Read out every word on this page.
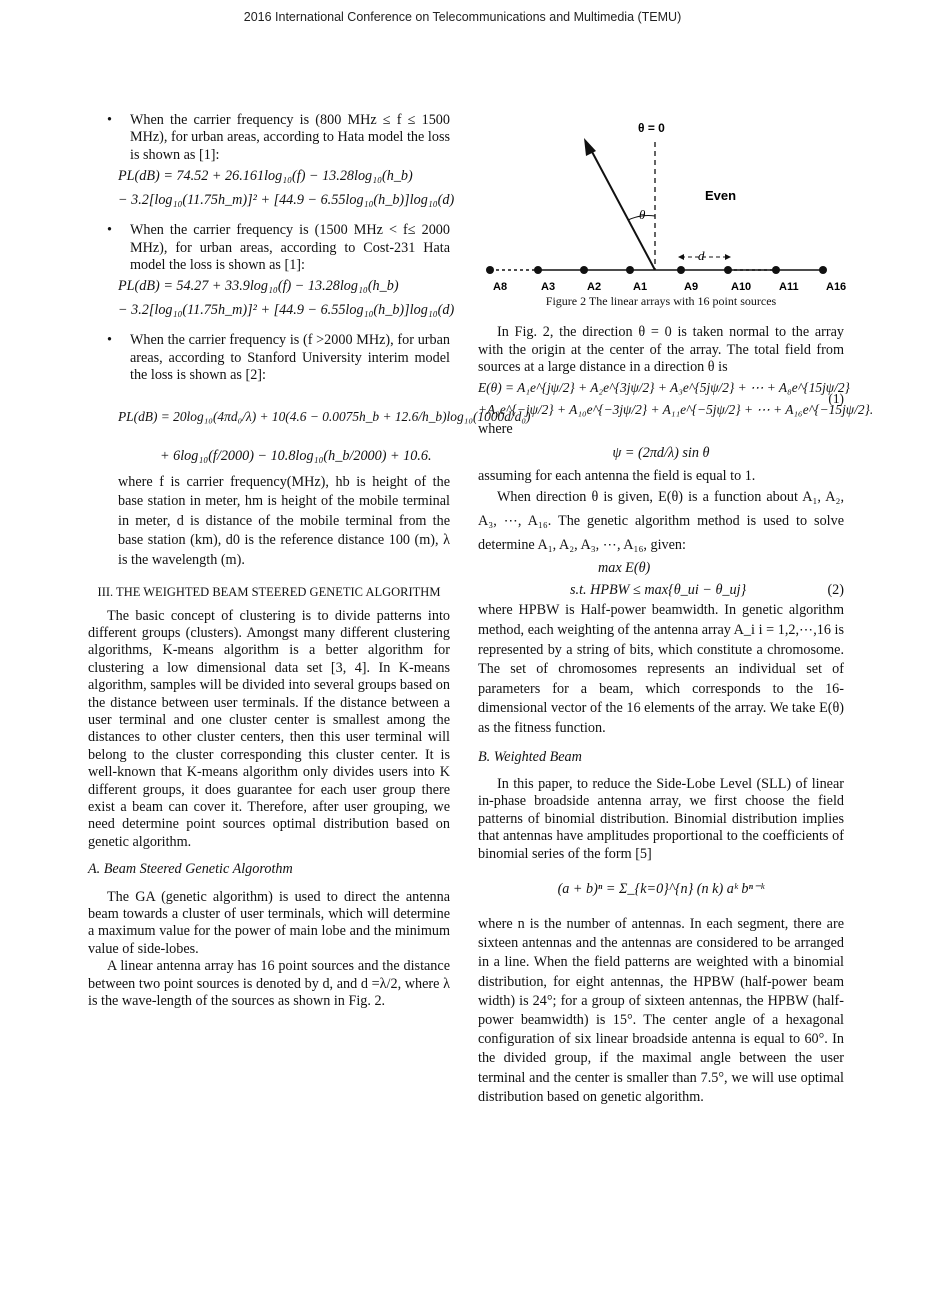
2016 International Conference on Telecommunications and Multimedia (TEMU)
• When the carrier frequency is (800 MHz ≤ f ≤ 1500 MHz), for urban areas, according to Hata model the loss is shown as [1]:
PL(dB) = 74.52 + 26.161log₁₀(f) − 13.28log₁₀(h_b)
− 3.2[log₁₀(11.75h_m)]² + [44.9 − 6.55log₁₀(h_b)]log₁₀(d)
• When the carrier frequency is (1500 MHz < f≤ 2000 MHz), for urban areas, according to Cost-231 Hata model the loss is shown as [1]:
PL(dB) = 54.27 + 33.9log₁₀(f) − 13.28log₁₀(h_b)
− 3.2[log₁₀(11.75h_m)]² + [44.9 − 6.55log₁₀(h_b)]log₁₀(d)
• When the carrier frequency is (f >2000 MHz), for urban areas, according to Stanford University interim model the loss is shown as [2]:
PL(dB) = 20log₁₀(4πd₀/λ) + 10(4.6 − 0.0075h_b + 12.6/h_b)log₁₀(1000d/d₀)
+ 6log₁₀(f/2000) − 10.8log₁₀(h_b/2000) + 10.6.

where f is carrier frequency(MHz), hb is height of the base station in meter, hm is height of the mobile terminal in meter, d is distance of the mobile terminal from the base station (km), d0 is the reference distance 100 (m), λ is the wavelength (m).

III. THE WEIGHTED BEAM STEERED GENETIC ALGORITHM

The basic concept of clustering is to divide patterns into different groups (clusters). Amongst many different clustering algorithms, K-means algorithm is a better algorithm for clustering a low dimensional data set [3, 4]. In K-means algorithm, samples will be divided into several groups based on the distance between user terminals. If the distance between a user terminal and one cluster center is smallest among the distances to other cluster centers, then this user terminal will belong to the cluster corresponding this cluster center. It is well-known that K-means algorithm only divides users into K different groups, it does guarantee for each user group there exist a beam can cover it. Therefore, after user grouping, we need determine point sources optimal distribution based on genetic algorithm.

A. Beam Steered Genetic Algorothm

The GA (genetic algorithm) is used to direct the antenna beam towards a cluster of user terminals, which will determine a maximum value for the power of main lobe and the minimum value of side-lobes.

A linear antenna array has 16 point sources and the distance between two point sources is denoted by d, and d =λ/2, where λ is the wave-length of the sources as shown in Fig. 2.

θ = 0
θ
Even
d
A8	A3	A2	A1	A9	A10	A11 A16

Figure 2 The linear arrays with 16 point sources

In Fig. 2, the direction θ = 0 is taken normal to the array with the origin at the center of the array. The total field from sources at a large distance in a direction θ is

(1)
E(θ) = A₁e^{jψ/2} + A₂e^{3jψ/2} + A₃e^{5jψ/2} + ⋯ + A₈e^{15jψ/2}
+A₉e^{−jψ/2} + A₁₀e^{−3jψ/2} + A₁₁e^{−5jψ/2} + ⋯ + A₁₆e^{−15jψ/2}.

where

ψ = (2πd/λ) sin θ

assuming for each antenna the field is equal to 1.

When direction θ is given, E(θ) is a function about A₁, A₂, A₃, ⋯, A₁₆. The genetic algorithm method is used to solve determine A₁, A₂, A₃, ⋯, A₁₆, given:

max E(θ)
(2)
s.t. HPBW ≤ max{θ_ui − θ_uj}

where HPBW is Half-power beamwidth. In genetic algorithm method, each weighting of the antenna array A_i i = 1,2,⋯,16 is represented by a string of bits, which constitute a chromosome. The set of chromosomes represents an individual set of parameters for a beam, which corresponds to the 16-dimensional vector of the 16 elements of the array. We take E(θ) as the fitness function.

B. Weighted Beam

In this paper, to reduce the Side-Lobe Level (SLL) of linear in-phase broadside antenna array, we first choose the field patterns of binomial distribution. Binomial distribution implies that antennas have amplitudes proportional to the coefficients of binomial series of the form [5]

(a + b)ⁿ = Σ_{k=0}^{n} (n k) aᵏ bⁿ⁻ᵏ

where n is the number of antennas. In each segment, there are sixteen antennas and the antennas are considered to be arranged in a line. When the field patterns are weighted with a binomial distribution, for eight antennas, the HPBW (half-power beam width) is 24°; for a group of sixteen antennas, the HPBW (half-power beamwidth) is 15°. The center angle of a hexagonal configuration of six linear broadside antenna is equal to 60°. In the divided group, if the maximal angle between the user terminal and the center is smaller than 7.5°, we will use optimal distribution based on genetic algorithm.
